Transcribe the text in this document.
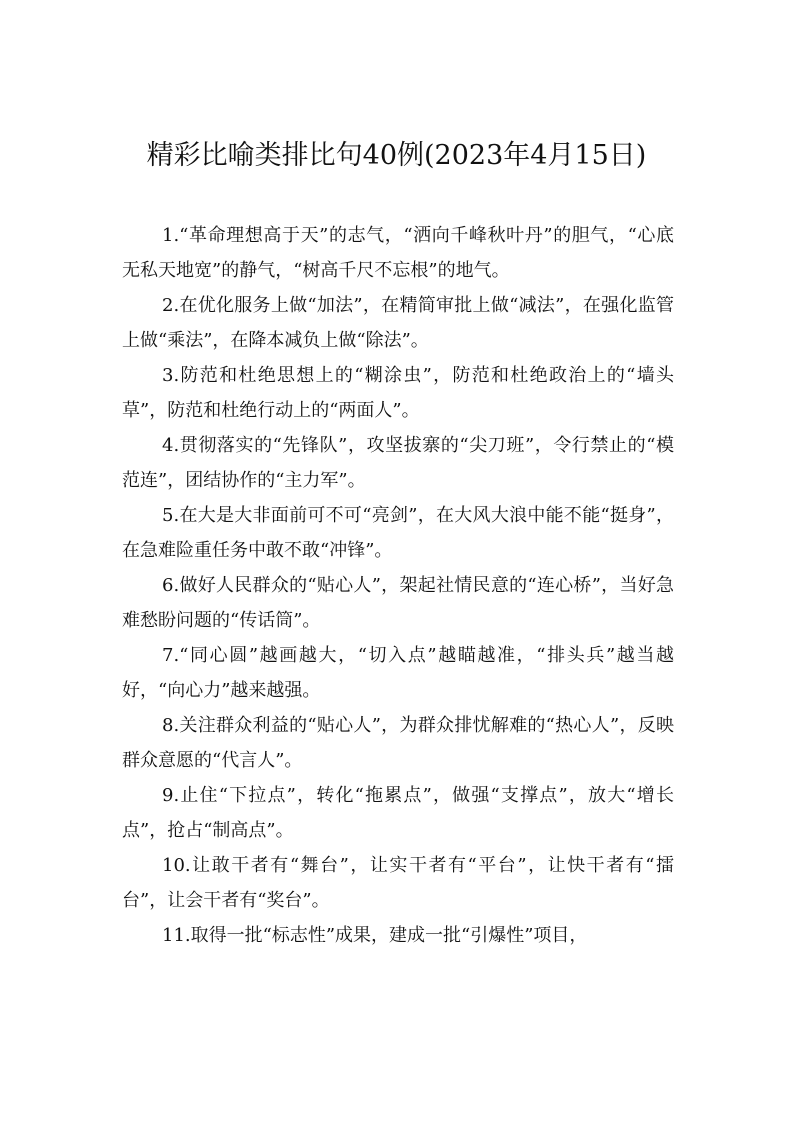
精彩比喻类排比句40例(2023年4月15日)

1.“革命理想高于天”的志气，“洒向千峰秋叶丹”的胆气，“心底无私天地宽”的静气，“树高千尺不忘根”的地气。

2.在优化服务上做“加法”，在精简审批上做“减法”，在强化监管上做“乘法”，在降本减负上做“除法”。

3.防范和杜绝思想上的“糊涂虫”，防范和杜绝政治上的“墙头草”，防范和杜绝行动上的“两面人”。

4.贯彻落实的“先锋队”，攻坚拔寨的“尖刀班”，令行禁止的“模范连”，团结协作的“主力军”。

5.在大是大非面前可不可“亮剑”，在大风大浪中能不能“挺身”，在急难险重任务中敢不敢“冲锋”。

6.做好人民群众的“贴心人”，架起社情民意的“连心桥”，当好急难愁盼问题的“传话筒”。

7.“同心圆”越画越大，“切入点”越瞄越准，“排头兵”越当越好，“向心力”越来越强。

8.关注群众利益的“贴心人”，为群众排忧解难的“热心人”，反映群众意愿的“代言人”。

9.止住“下拉点”，转化“拖累点”，做强“支撑点”，放大“增长点”，抢占“制高点”。

10.让敢干者有“舞台”，让实干者有“平台”，让快干者有“擂台”，让会干者有“奖台”。

11.取得一批“标志性”成果，建成一批“引爆性”项目，
